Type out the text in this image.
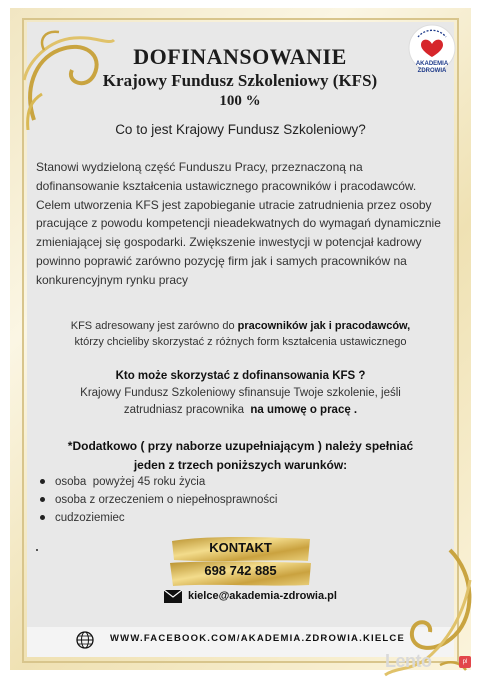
AKADEMIA
ZDROWIA
DOFINANSOWANIE
Krajowy Fundusz Szkoleniowy (KFS)
100 %
Co to jest Krajowy Fundusz Szkoleniowy?
Stanowi wydzieloną część Funduszu Pracy, przeznaczoną na dofinansowanie kształcenia ustawicznego pracowników i pracodawców. Celem utworzenia KFS jest zapobieganie utracie zatrudnienia przez osoby pracujące z powodu kompetencji nieadekwatnych do wymagań dynamicznie zmieniającej się gospodarki. Zwiększenie inwestycji w potencjał kadrowy powinno poprawić zarówno pozycję firm jak i samych pracowników na konkurencyjnym rynku pracy
KFS adresowany jest zarówno do pracowników jak i pracodawców,
którzy chcieliby skorzystać z różnych form kształcenia ustawicznego
Kto może skorzystać z dofinansowania KFS ?
Krajowy Fundusz Szkoleniowy sfinansuje Twoje szkolenie, jeśli
zatrudniasz pracownika  na umowę o pracę .
*Dodatkowo ( przy naborze uzupełniającym ) należy spełniać
jeden z trzech poniższych warunków:
osoba  powyżej 45 roku życia
osoba z orzeczeniem o niepełnosprawności
cudzoziemiec
KONTAKT
698 742 885
kielce@akademia-zdrowia.pl
WWW.FACEBOOK.COM/AKADEMIA.ZDROWIA.KIELCE
Lento	pl
